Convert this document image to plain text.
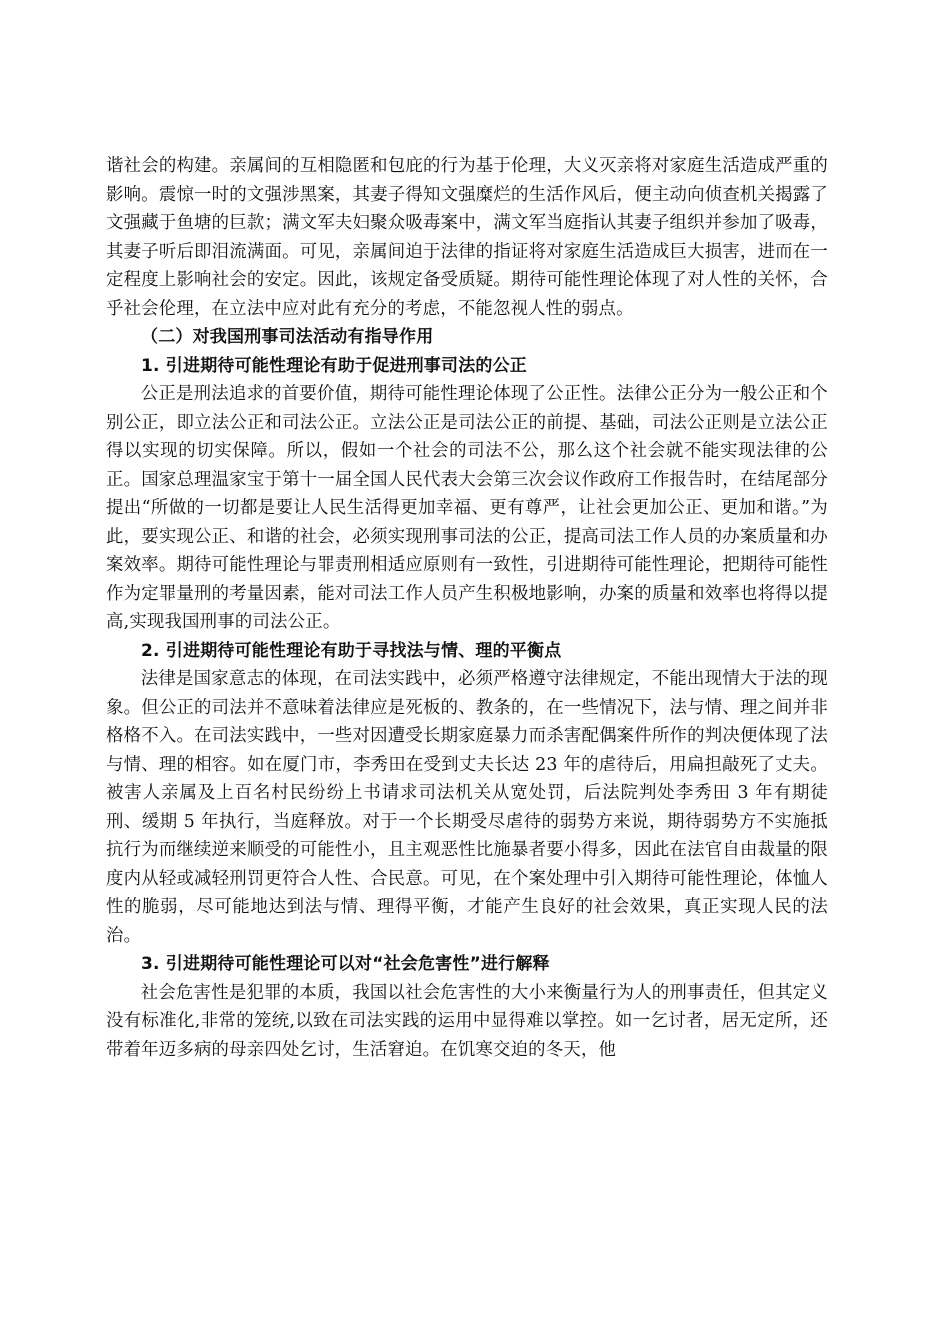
谐社会的构建。亲属间的互相隐匿和包庇的行为基于伦理，大义灭亲将对家庭生活造成严重的影响。震惊一时的文强涉黑案，其妻子得知文强糜烂的生活作风后，便主动向侦查机关揭露了文强藏于鱼塘的巨款；满文军夫妇聚众吸毒案中，满文军当庭指认其妻子组织并参加了吸毒，其妻子听后即泪流满面。可见，亲属间迫于法律的指证将对家庭生活造成巨大损害，进而在一定程度上影响社会的安定。因此，该规定备受质疑。期待可能性理论体现了对人性的关怀，合乎社会伦理，在立法中应对此有充分的考虑，不能忽视人性的弱点。

（二）对我国刑事司法活动有指导作用

1. 引进期待可能性理论有助于促进刑事司法的公正

公正是刑法追求的首要价值，期待可能性理论体现了公正性。法律公正分为一般公正和个别公正，即立法公正和司法公正。立法公正是司法公正的前提、基础，司法公正则是立法公正得以实现的切实保障。所以，假如一个社会的司法不公，那么这个社会就不能实现法律的公正。国家总理温家宝于第十一届全国人民代表大会第三次会议作政府工作报告时，在结尾部分提出“所做的一切都是要让人民生活得更加幸福、更有尊严，让社会更加公正、更加和谐。”为此，要实现公正、和谐的社会，必须实现刑事司法的公正，提高司法工作人员的办案质量和办案效率。期待可能性理论与罪责刑相适应原则有一致性，引进期待可能性理论，把期待可能性作为定罪量刑的考量因素，能对司法工作人员产生积极地影响，办案的质量和效率也将得以提高,实现我国刑事的司法公正。

2. 引进期待可能性理论有助于寻找法与情、理的平衡点

法律是国家意志的体现，在司法实践中，必须严格遵守法律规定，不能出现情大于法的现象。但公正的司法并不意味着法律应是死板的、教条的，在一些情况下，法与情、理之间并非格格不入。在司法实践中，一些对因遭受长期家庭暴力而杀害配偶案件所作的判决便体现了法与情、理的相容。如在厦门市，李秀田在受到丈夫长达 23 年的虐待后，用扁担敲死了丈夫。被害人亲属及上百名村民纷纷上书请求司法机关从宽处罚，后法院判处李秀田 3 年有期徒刑、缓期 5 年执行，当庭释放。对于一个长期受尽虐待的弱势方来说，期待弱势方不实施抵抗行为而继续逆来顺受的可能性小，且主观恶性比施暴者要小得多，因此在法官自由裁量的限度内从轻或减轻刑罚更符合人性、合民意。可见，在个案处理中引入期待可能性理论，体恤人性的脆弱，尽可能地达到法与情、理得平衡，才能产生良好的社会效果，真正实现人民的法治。

3. 引进期待可能性理论可以对“社会危害性”进行解释

社会危害性是犯罪的本质，我国以社会危害性的大小来衡量行为人的刑事责任，但其定义没有标准化,非常的笼统,以致在司法实践的运用中显得难以掌控。如一乞讨者，居无定所，还带着年迈多病的母亲四处乞讨，生活窘迫。在饥寒交迫的冬天，他
